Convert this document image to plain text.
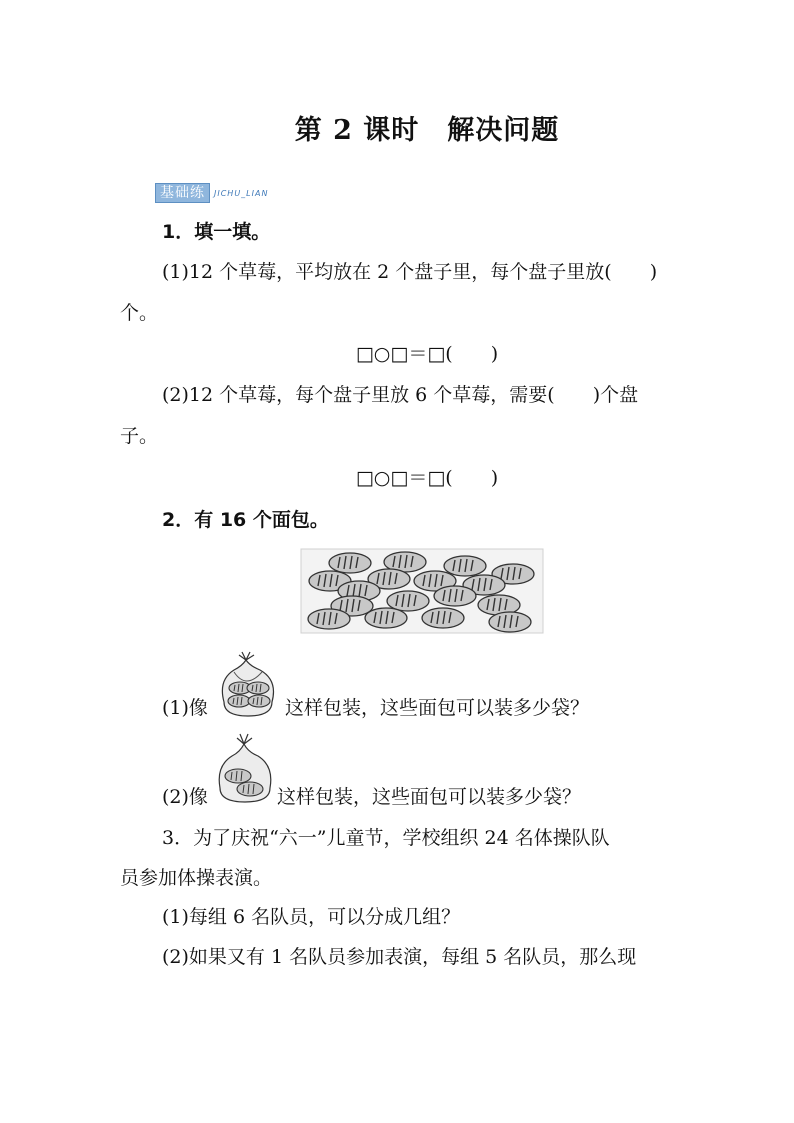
第 2 课时　解决问题
基础练	JICHU_LIAN
1．填一填。
(1)12 个草莓，平均放在 2 个盘子里，每个盘子里放(　　)
个。
□○□＝□(　　)
(2)12 个草莓，每个盘子里放 6 个草莓，需要(　　)个盘
子。
□○□＝□(　　)
2．有 16 个面包。
(1)像	这样包装，这些面包可以装多少袋？
(2)像	这样包装，这些面包可以装多少袋？
3．为了庆祝“六一”儿童节，学校组织 24 名体操队队
员参加体操表演。
(1)每组 6 名队员，可以分成几组？
(2)如果又有 1 名队员参加表演，每组 5 名队员，那么现
